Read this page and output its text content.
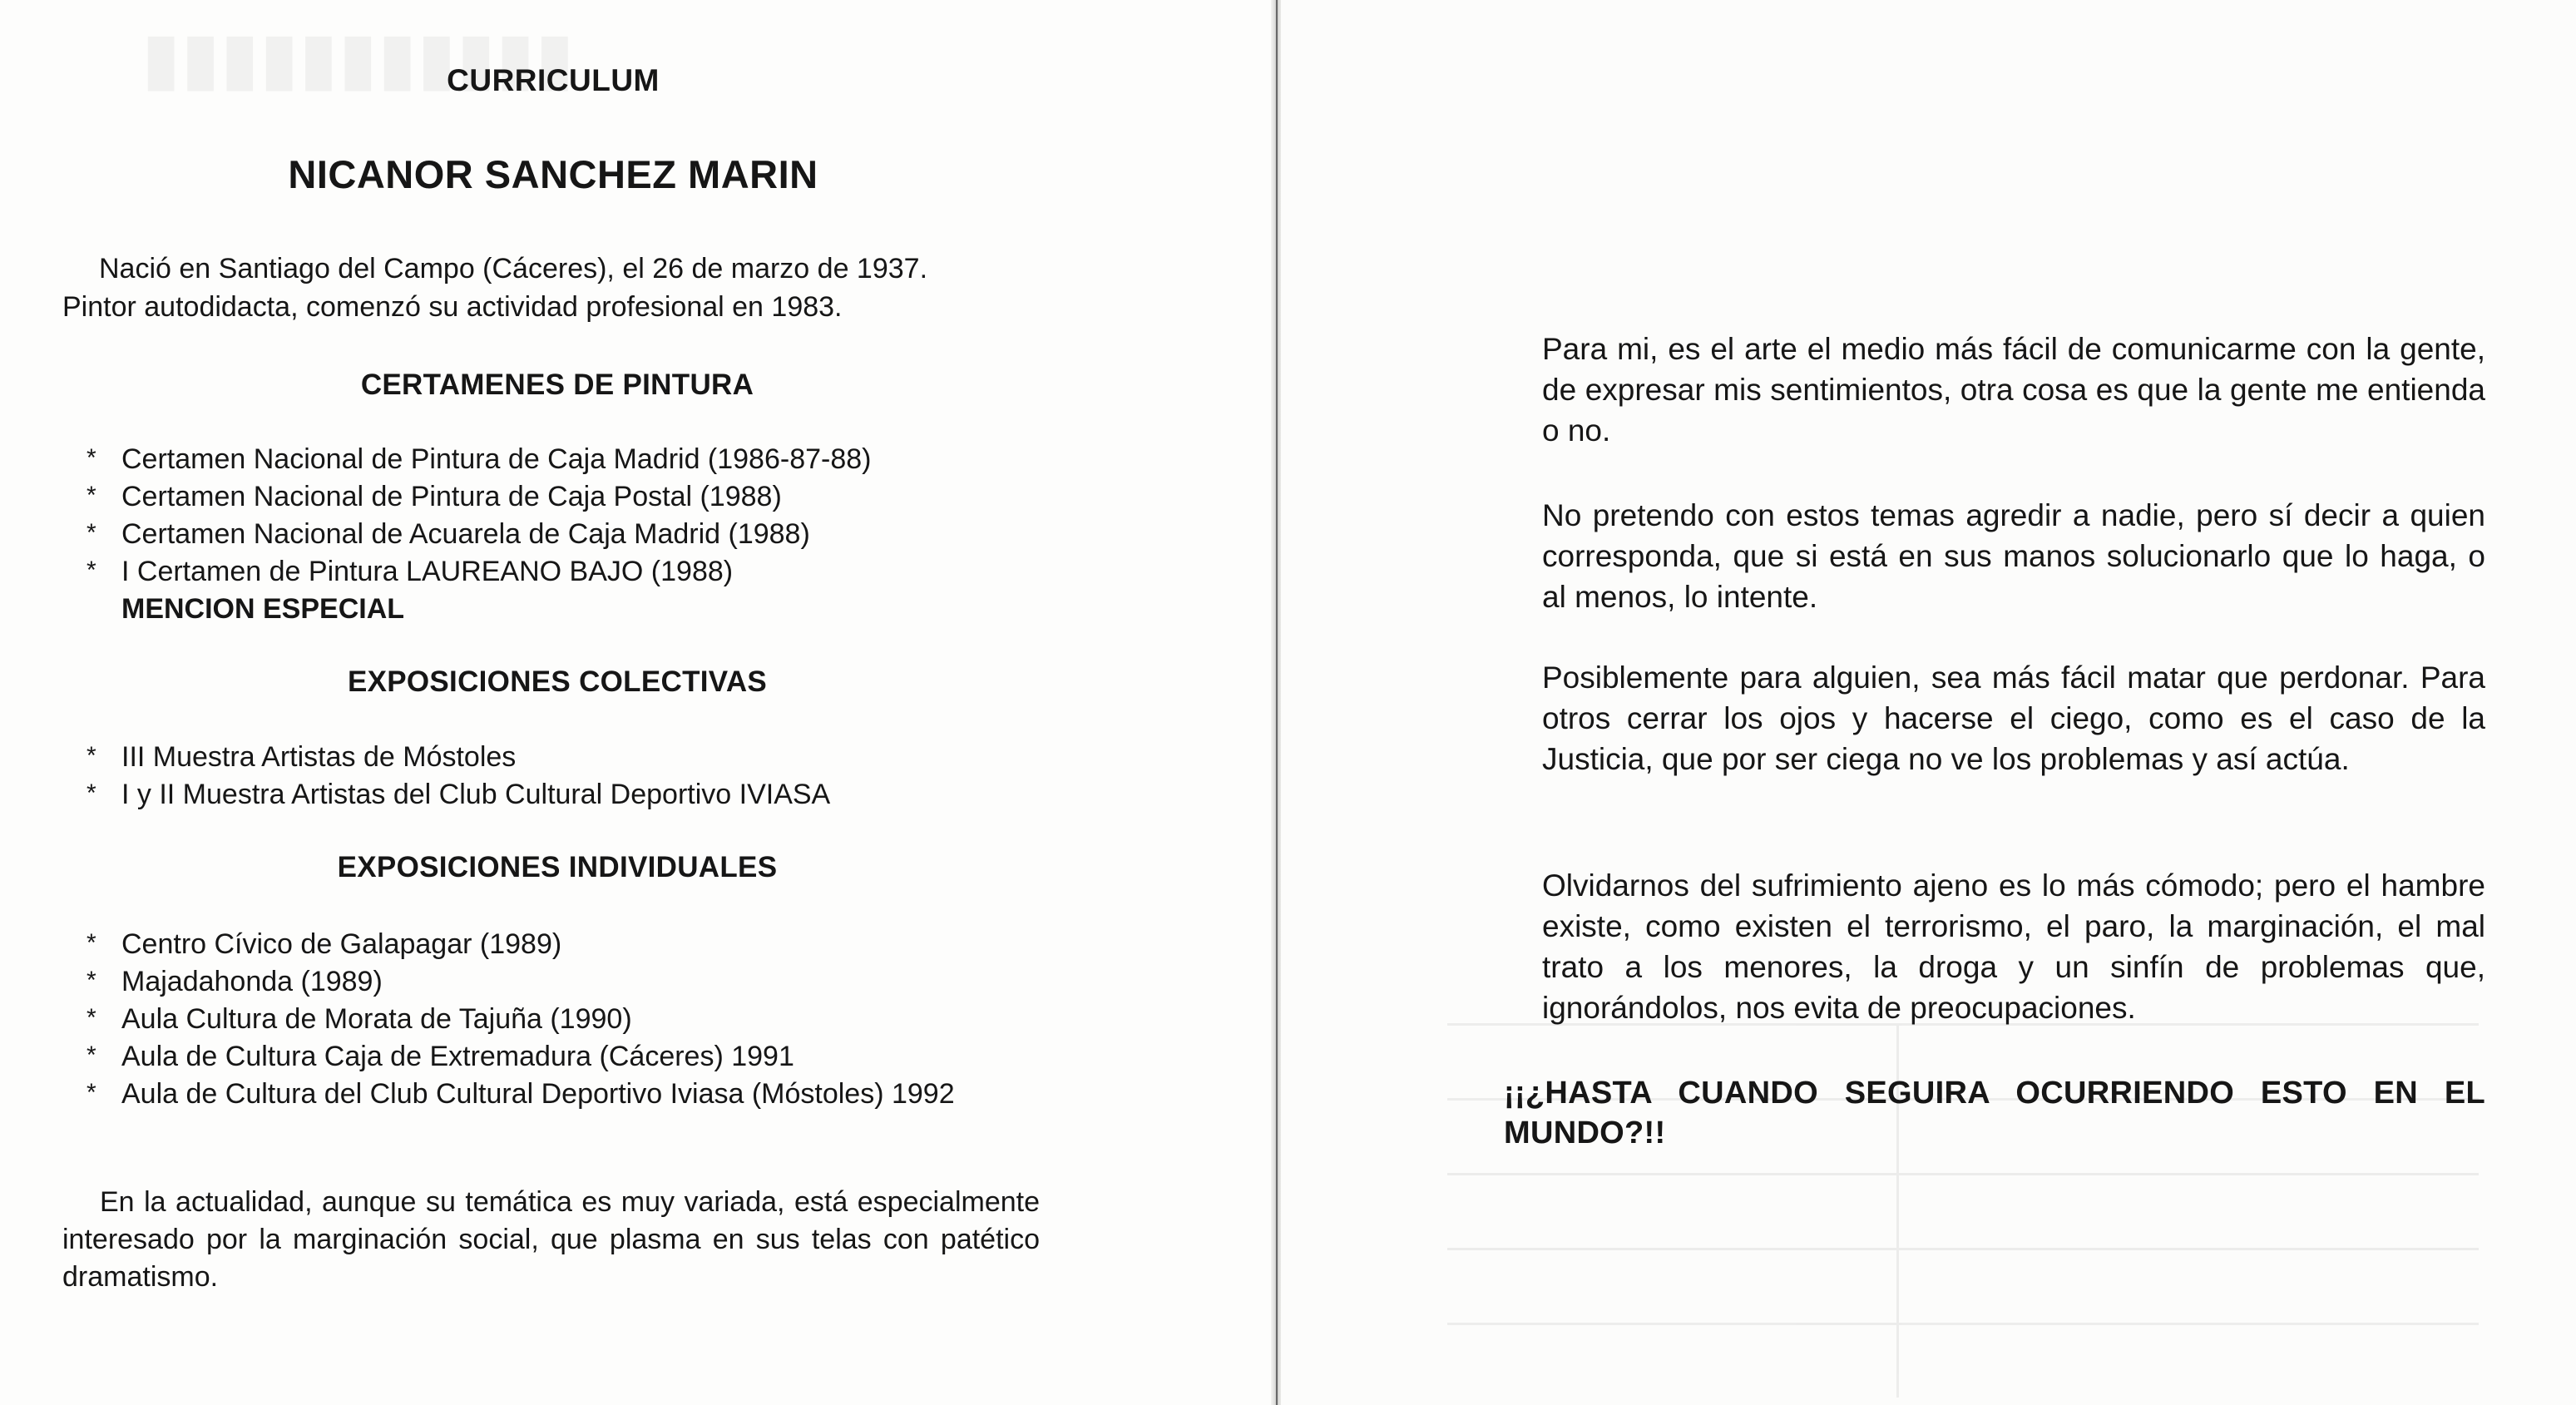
CURRICULUM
NICANOR SANCHEZ MARIN
Nació en Santiago del Campo (Cáceres), el 26 de marzo de 1937.
Pintor autodidacta, comenzó su actividad profesional en 1983.
CERTAMENES DE PINTURA
* Certamen Nacional de Pintura de Caja Madrid (1986-87-88)
* Certamen Nacional de Pintura de Caja Postal (1988)
* Certamen Nacional de Acuarela de Caja Madrid (1988)
* I Certamen de Pintura LAUREANO BAJO (1988)
MENCION ESPECIAL
EXPOSICIONES COLECTIVAS
* III Muestra Artistas de Móstoles
* I y II Muestra Artistas del Club Cultural Deportivo IVIASA
EXPOSICIONES INDIVIDUALES
* Centro Cívico de Galapagar (1989)
* Majadahonda (1989)
* Aula Cultura de Morata de Tajuña (1990)
* Aula de Cultura Caja de Extremadura (Cáceres) 1991
* Aula de Cultura del Club Cultural Deportivo Iviasa (Móstoles) 1992
En la actualidad, aunque su temática es muy variada, está especialmente interesado por la marginación social, que plasma en sus telas con patético dramatismo.
Para mi, es el arte el medio más fácil de comunicarme con la gente, de expresar mis sentimientos, otra cosa es que la gente me entienda o no.
No pretendo con estos temas agredir a nadie, pero sí decir a quien corresponda, que si está en sus manos solucionarlo que lo haga, o al menos, lo intente.
Posiblemente para alguien, sea más fácil matar que perdonar. Para otros cerrar los ojos y hacerse el ciego, como es el caso de la Justicia, que por ser ciega no ve los problemas y así actúa.
Olvidarnos del sufrimiento ajeno es lo más cómodo; pero el hambre existe, como existen el terrorismo, el paro, la marginación, el mal trato a los menores, la droga y un sinfín de problemas que, ignorándolos, nos evita de preocupaciones.
¡¡¿HASTA CUANDO SEGUIRA OCURRIENDO ESTO EN EL MUNDO?!!
